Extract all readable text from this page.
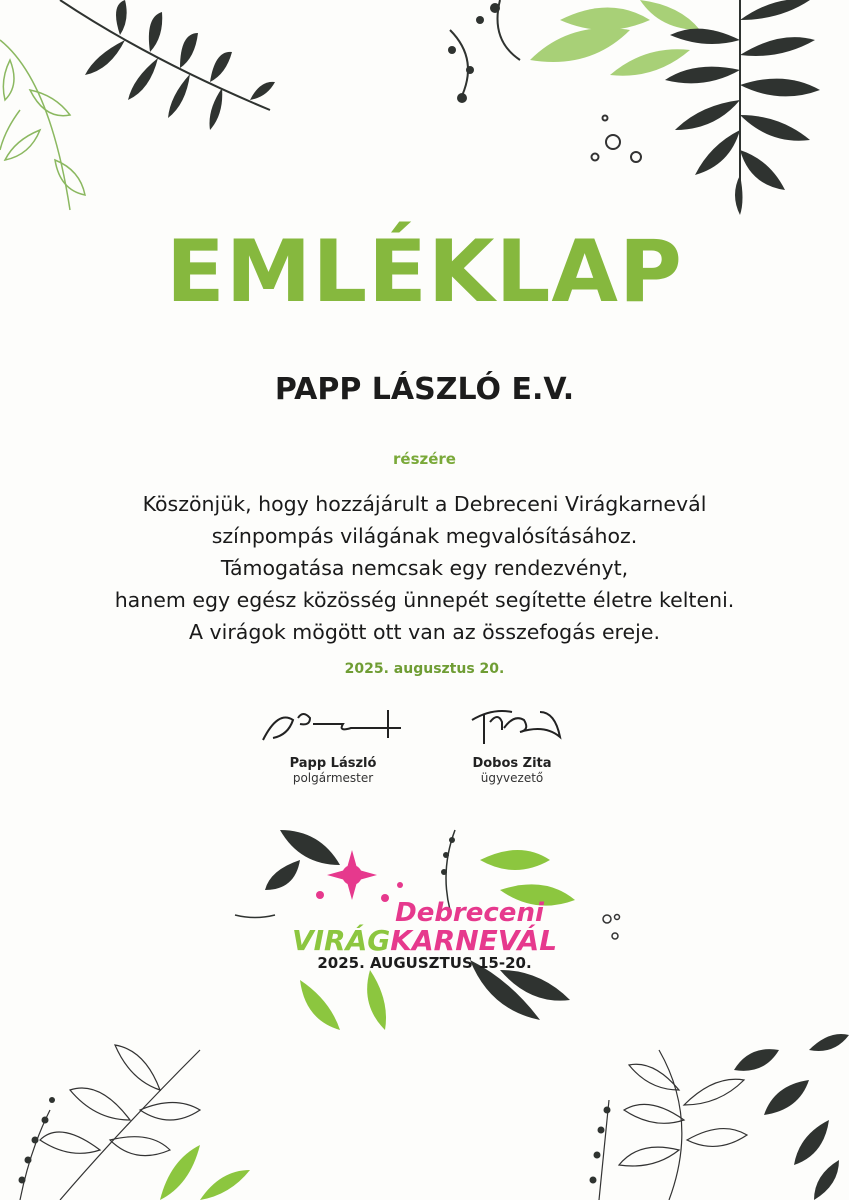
EMLÉKLAP
PAPP LÁSZLÓ E.V.
részére
Köszönjük, hogy hozzájárult a Debreceni Virágkarnevál
színpompás világának megvalósításához.
Támogatása nemcsak egy rendezvényt,
hanem egy egész közösség ünnepét segítette életre kelteni.
A virágok mögött ott van az összefogás ereje.
2025. augusztus 20.
Papp László
polgármester
Dobos Zita
ügyvezető
Debreceni
VIRÁGKARNEVÁL
2025. AUGUSZTUS 15-20.
